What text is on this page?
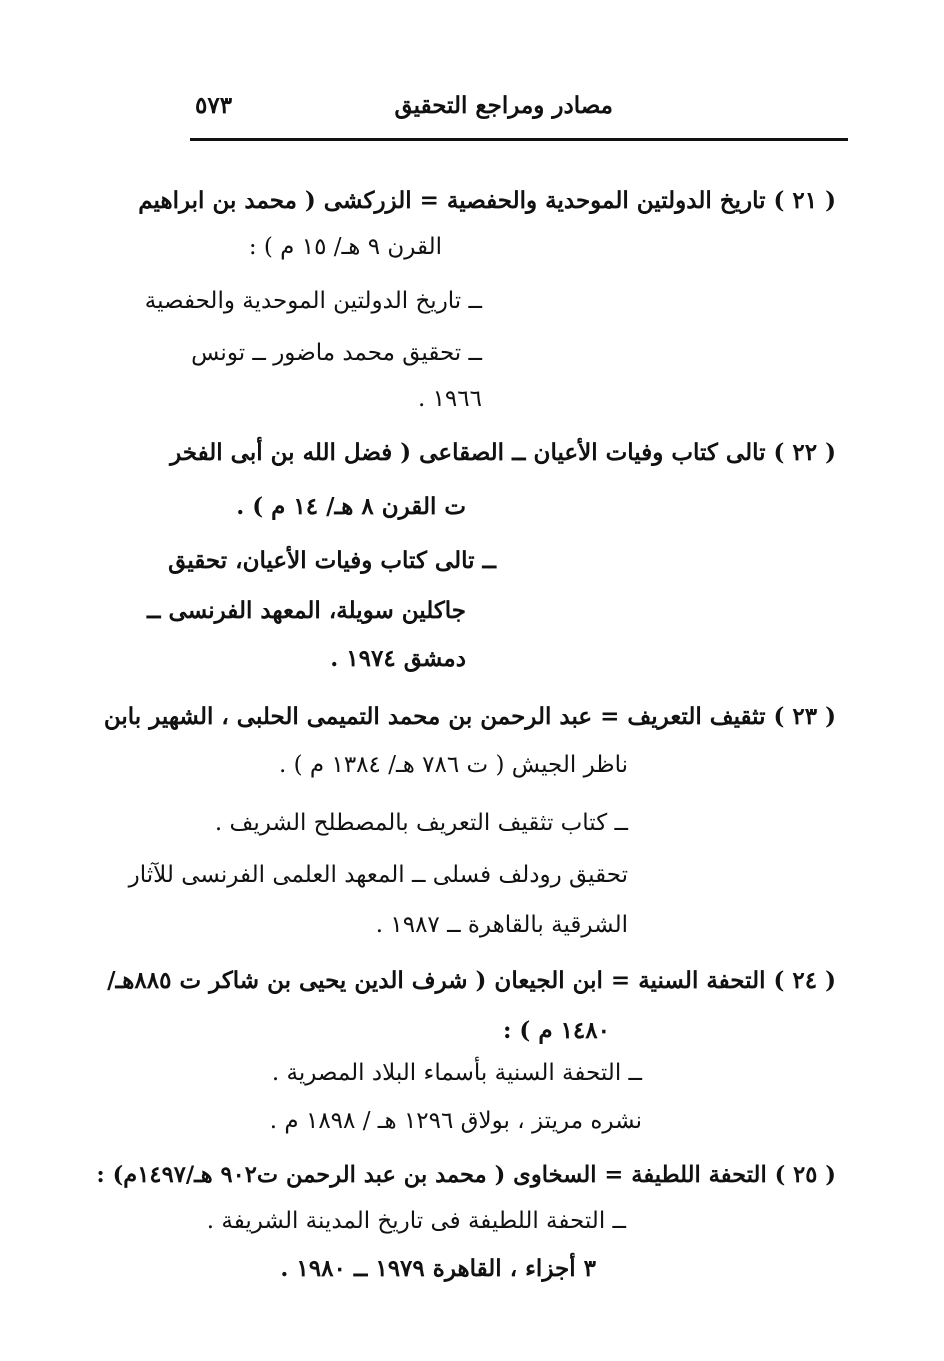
مصادر ومراجع التحقيق
٥٧٣
( ٢١ ) تاريخ الدولتين الموحدية والحفصية = الزركشى ( محمد بن ابراهيم
القرن ٩ هـ/ ١٥ م ) :
ــ تاريخ الدولتين الموحدية والحفصية
ــ تحقيق محمد ماضور ــ تونس
١٩٦٦ .
( ٢٢ ) تالى كتاب وفيات الأعيان ــ الصقاعى ( فضل الله بن أبى الفخر
ت القرن ٨ هـ/ ١٤ م ) .
ــ تالى كتاب وفيات الأعيان، تحقيق
جاكلين سويلة، المعهد الفرنسى ــ
دمشق ١٩٧٤ .
( ٢٣ ) تثقيف التعريف = عبد الرحمن بن محمد التميمى الحلبى ، الشهير بابن
ناظر الجيش ( ت ٧٨٦ هـ/ ١٣٨٤ م ) .
ــ كتاب تثقيف التعريف بالمصطلح الشريف .
تحقيق رودلف فسلى ــ المعهد العلمى الفرنسى للآثار
الشرقية بالقاهرة ــ ١٩٨٧ .
( ٢٤ ) التحفة السنية = ابن الجيعان ( شرف الدين يحيى بن شاكر ت ٨٨٥هـ/
١٤٨٠ م ) :
ــ التحفة السنية بأسماء البلاد المصرية .
نشره مريتز ، بولاق ١٢٩٦ هـ / ١٨٩٨ م .
( ٢٥ ) التحفة اللطيفة = السخاوى ( محمد بن عبد الرحمن ت٩٠٢ هـ/١٤٩٧م) :
ــ التحفة اللطيفة فى تاريخ المدينة الشريفة .
٣ أجزاء ، القاهرة ١٩٧٩ ــ ١٩٨٠ .
